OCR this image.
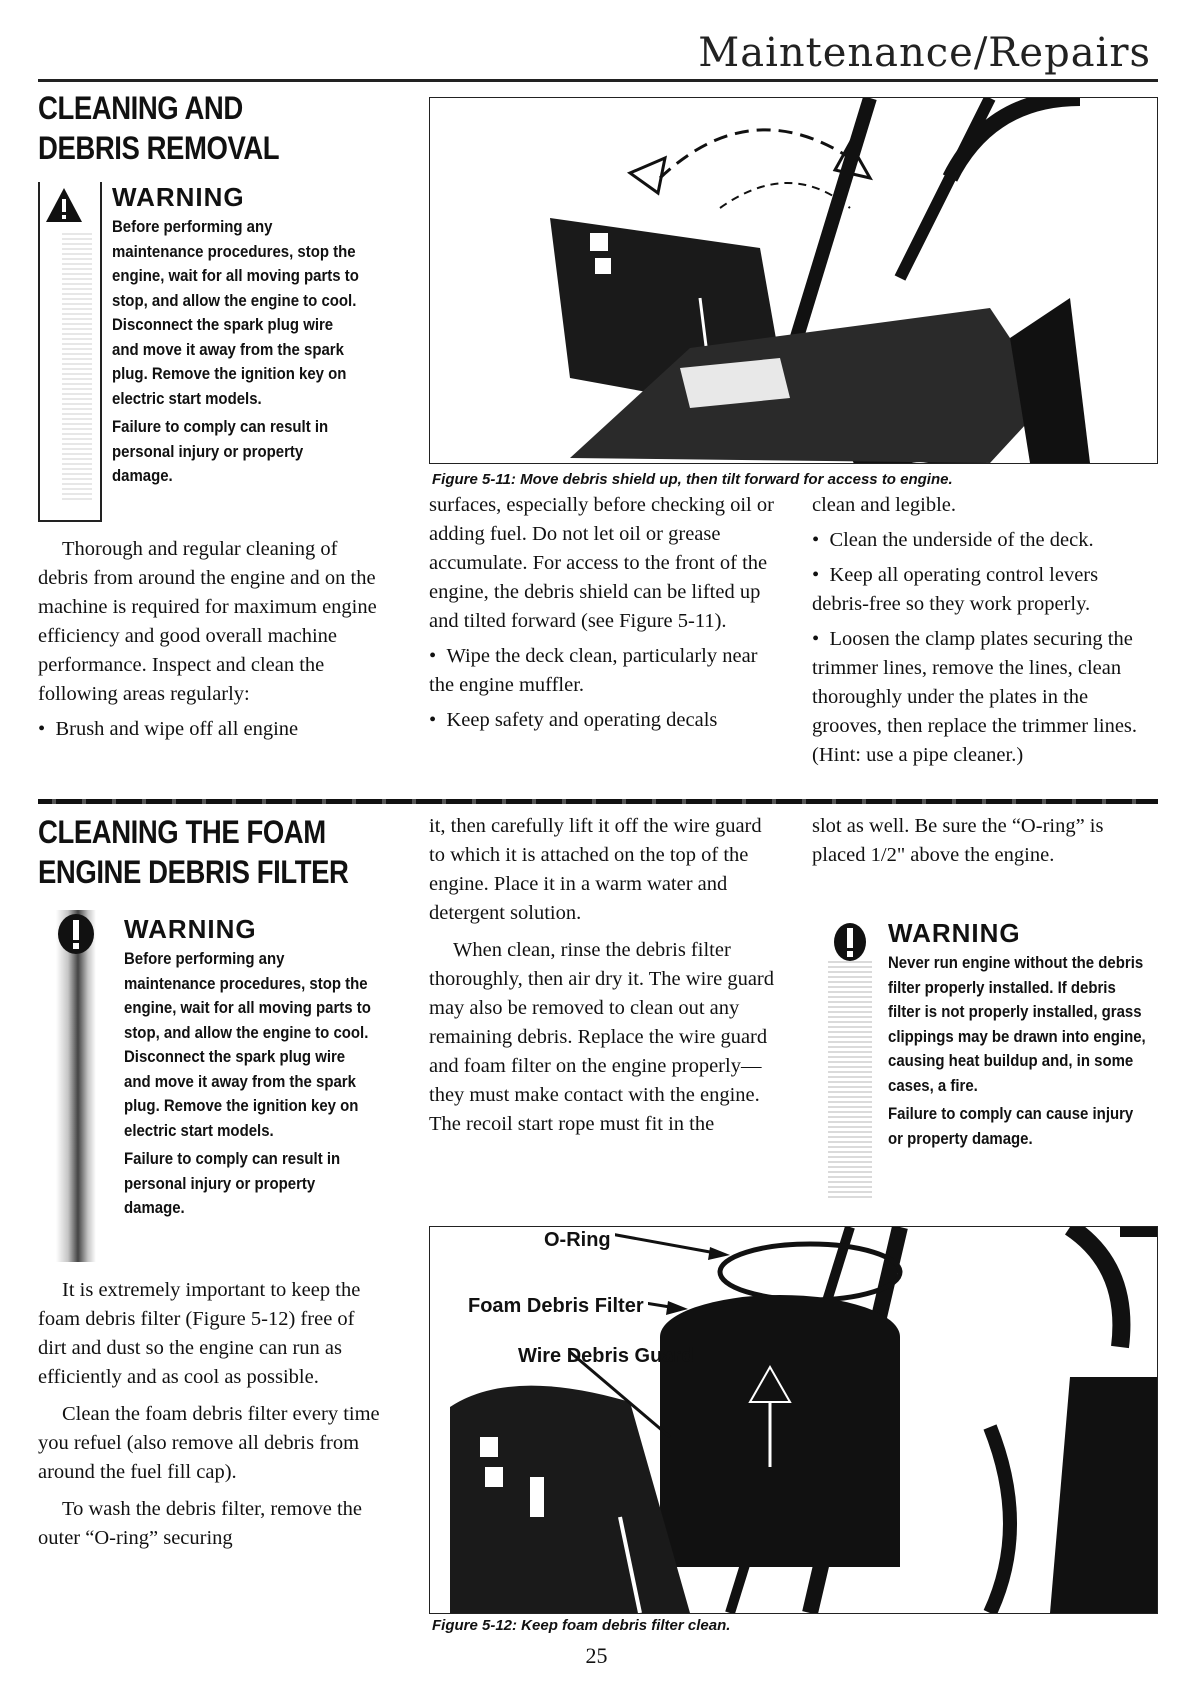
Maintenance/Repairs
CLEANING AND
DEBRIS REMOVAL
WARNING

Before performing any maintenance procedures, stop the engine, wait for all moving parts to stop, and allow the engine to cool. Disconnect the spark plug wire and move it away from the spark plug. Remove the ignition key on electric start models.

Failure to comply can result in personal injury or property damage.

Thorough and regular cleaning of debris from around the engine and on the machine is required for maximum engine efficiency and good overall machine performance. Inspect and clean the following areas regularly:

•  Brush and wipe off all engine

Figure 5-11: Move debris shield up, then tilt forward for access to engine.

surfaces, especially before checking oil or adding fuel. Do not let oil or grease accumulate. For access to the front of the engine, the debris shield can be lifted up and tilted forward (see Figure 5-11).

•  Wipe the deck clean, particularly near the engine muffler.

•  Keep safety and operating decals

clean and legible.

•  Clean the underside of the deck.

•  Keep all operating control levers debris-free so they work properly.

•  Loosen the clamp plates securing the trimmer lines, remove the lines, clean thoroughly under the plates in the grooves, then replace the trimmer lines. (Hint: use a pipe cleaner.)

CLEANING THE FOAM
ENGINE DEBRIS FILTER
WARNING

Before performing any maintenance procedures, stop the engine, wait for all moving parts to stop, and allow the engine to cool. Disconnect the spark plug wire and move it away from the spark plug. Remove the ignition key on electric start models.

Failure to comply can result in personal injury or property damage.

It is extremely important to keep the foam debris filter (Figure 5-12) free of dirt and dust so the engine can run as efficiently and as cool as possible.

Clean the foam debris filter every time you refuel (also remove all debris from around the fuel fill cap).

To wash the debris filter, remove the outer “O-ring” securing

it, then carefully lift it off the wire guard to which it is attached on the top of the engine. Place it in a warm water and detergent solution.

When clean, rinse the debris filter thoroughly, then air dry it. The wire guard may also be removed to clean out any remaining debris. Replace the wire guard and foam filter on the engine properly—they must make contact with the engine. The recoil start rope must fit in the

slot as well. Be sure the “O-ring” is placed 1/2" above the engine.

WARNING

Never run engine without the debris filter properly installed. If debris filter is not properly installed, grass clippings may be drawn into engine, causing heat buildup and, in some cases, a fire.

Failure to comply can cause injury or property damage.

O-Ring
Foam Debris Filter
Wire Debris Guard
Figure 5-12: Keep foam debris filter clean.
25
